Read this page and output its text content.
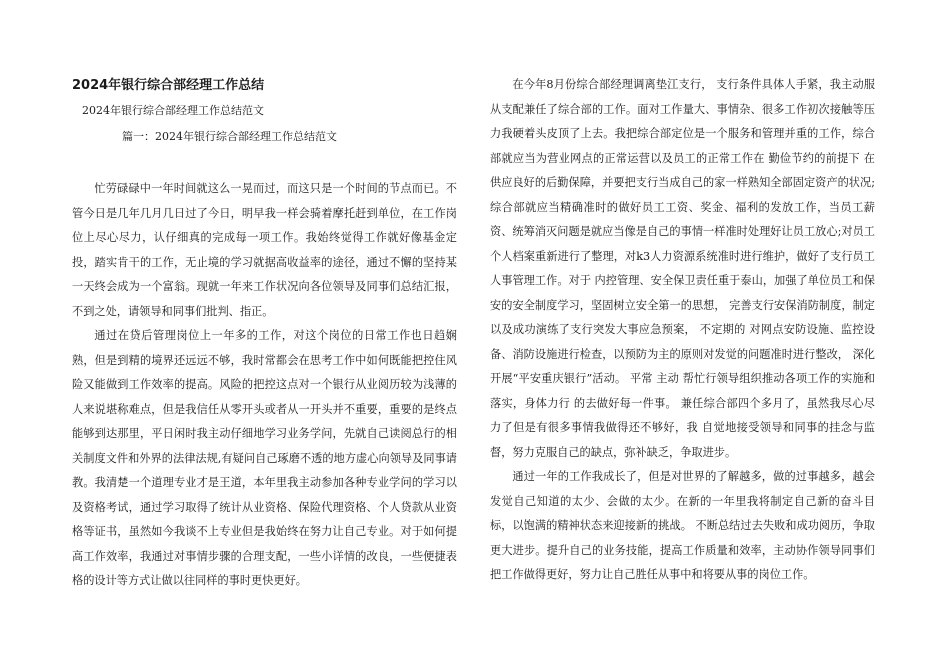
2024年银行综合部经理工作总结
2024年银行综合部经理工作总结范文
篇一：2024年银行综合部经理工作总结范文

忙劳碌碌中一年时间就这么一晃而过，而这只是一个时间的节点而已。不管今日是几年几月几日过了今日，明早我一样会骑着摩托赶到单位，在工作岗位上尽心尽力，认仔细真的完成每一项工作。我始终觉得工作就好像基金定投，踏实肯干的工作，无止境的学习就据高收益率的途径，通过不懈的坚持某一天终会成为一个富翁。现就一年来工作状况向各位领导及同事们总结汇报，不到之处，请领导和同事们批判、指正。

通过在贷后管理岗位上一年多的工作，对这个岗位的日常工作也日趋娴熟，但是到精的境界还远远不够，我时常都会在思考工作中如何既能把控住风险又能做到工作效率的提高。风险的把控这点对一个银行从业阅历较为浅薄的人来说堪称难点，但是我信任从零开头或者从一开头并不重要，重要的是终点能够到达那里，平日闲时我主动仔细地学习业务学问，先就自己读阅总行的相关制度文件和外界的法律法规,有疑问自己琢磨不透的地方虚心向领导及同事请教。我清楚一个道理专业才是王道，本年里我主动参加各种专业学问的学习以及资格考试，通过学习取得了统计从业资格、保险代理资格、个人贷款从业资格等证书，虽然如今我谈不上专业但是我始终在努力让自己专业。对于如何提高工作效率，我通过对事情步骤的合理支配，一些小详情的改良，一些便捷表格的设计等方式让做以往同样的事时更快更好。

在今年8月份综合部经理调离垫江支行， 支行条件具体人手紧，我主动服从支配兼任了综合部的工作。面对工作量大、事情杂、很多工作初次接触等压力我硬着头皮顶了上去。我把综合部定位是一个服务和管理并重的工作，综合部就应当为营业网点的正常运营以及员工的正常工作在 勤俭节约的前提下 在供应良好的后勤保障，并要把支行当成自己的家一样熟知全部固定资产的状况;综合部就应当精确准时的做好员工工资、奖金、福利的发放工作，当员工薪资、统筹消灭问题是就应当像是自己的事情一样准时处理好让员工放心;对员工个人档案重新进行了整理，对k3人力资源系统准时进行维护，做好了支行员工人事管理工作。对于 内控管理、安全保卫责任重于泰山，加强了单位员工和保安的安全制度学习，坚固树立安全第一的思想， 完善支行安保消防制度，制定以及成功演练了支行突发大事应急预案， 不定期的 对网点安防设施、监控设备、消防设施进行检查，以预防为主的原则对发觉的问题准时进行整改， 深化开展“平安重庆银行”活动。 平常 主动 帮忙行领导组织推动各项工作的实施和落实，身体力行 的去做好每一件事。 兼任综合部四个多月了，虽然我尽心尽力了但是有很多事情我做得还不够好，我 自觉地接受领导和同事的挂念与监督，努力克服自己的缺点，弥补缺乏，争取进步。

通过一年的工作我成长了，但是对世界的了解越多，做的过事越多，越会发觉自己知道的太少、会做的太少。在新的一年里我将制定自己新的奋斗目标，以饱满的精神状态来迎接新的挑战。 不断总结过去失败和成功阅历，争取更大进步。提升自己的业务技能，提高工作质量和效率，主动协作领导同事们把工作做得更好，努力让自己胜任从事中和将要从事的岗位工作。
